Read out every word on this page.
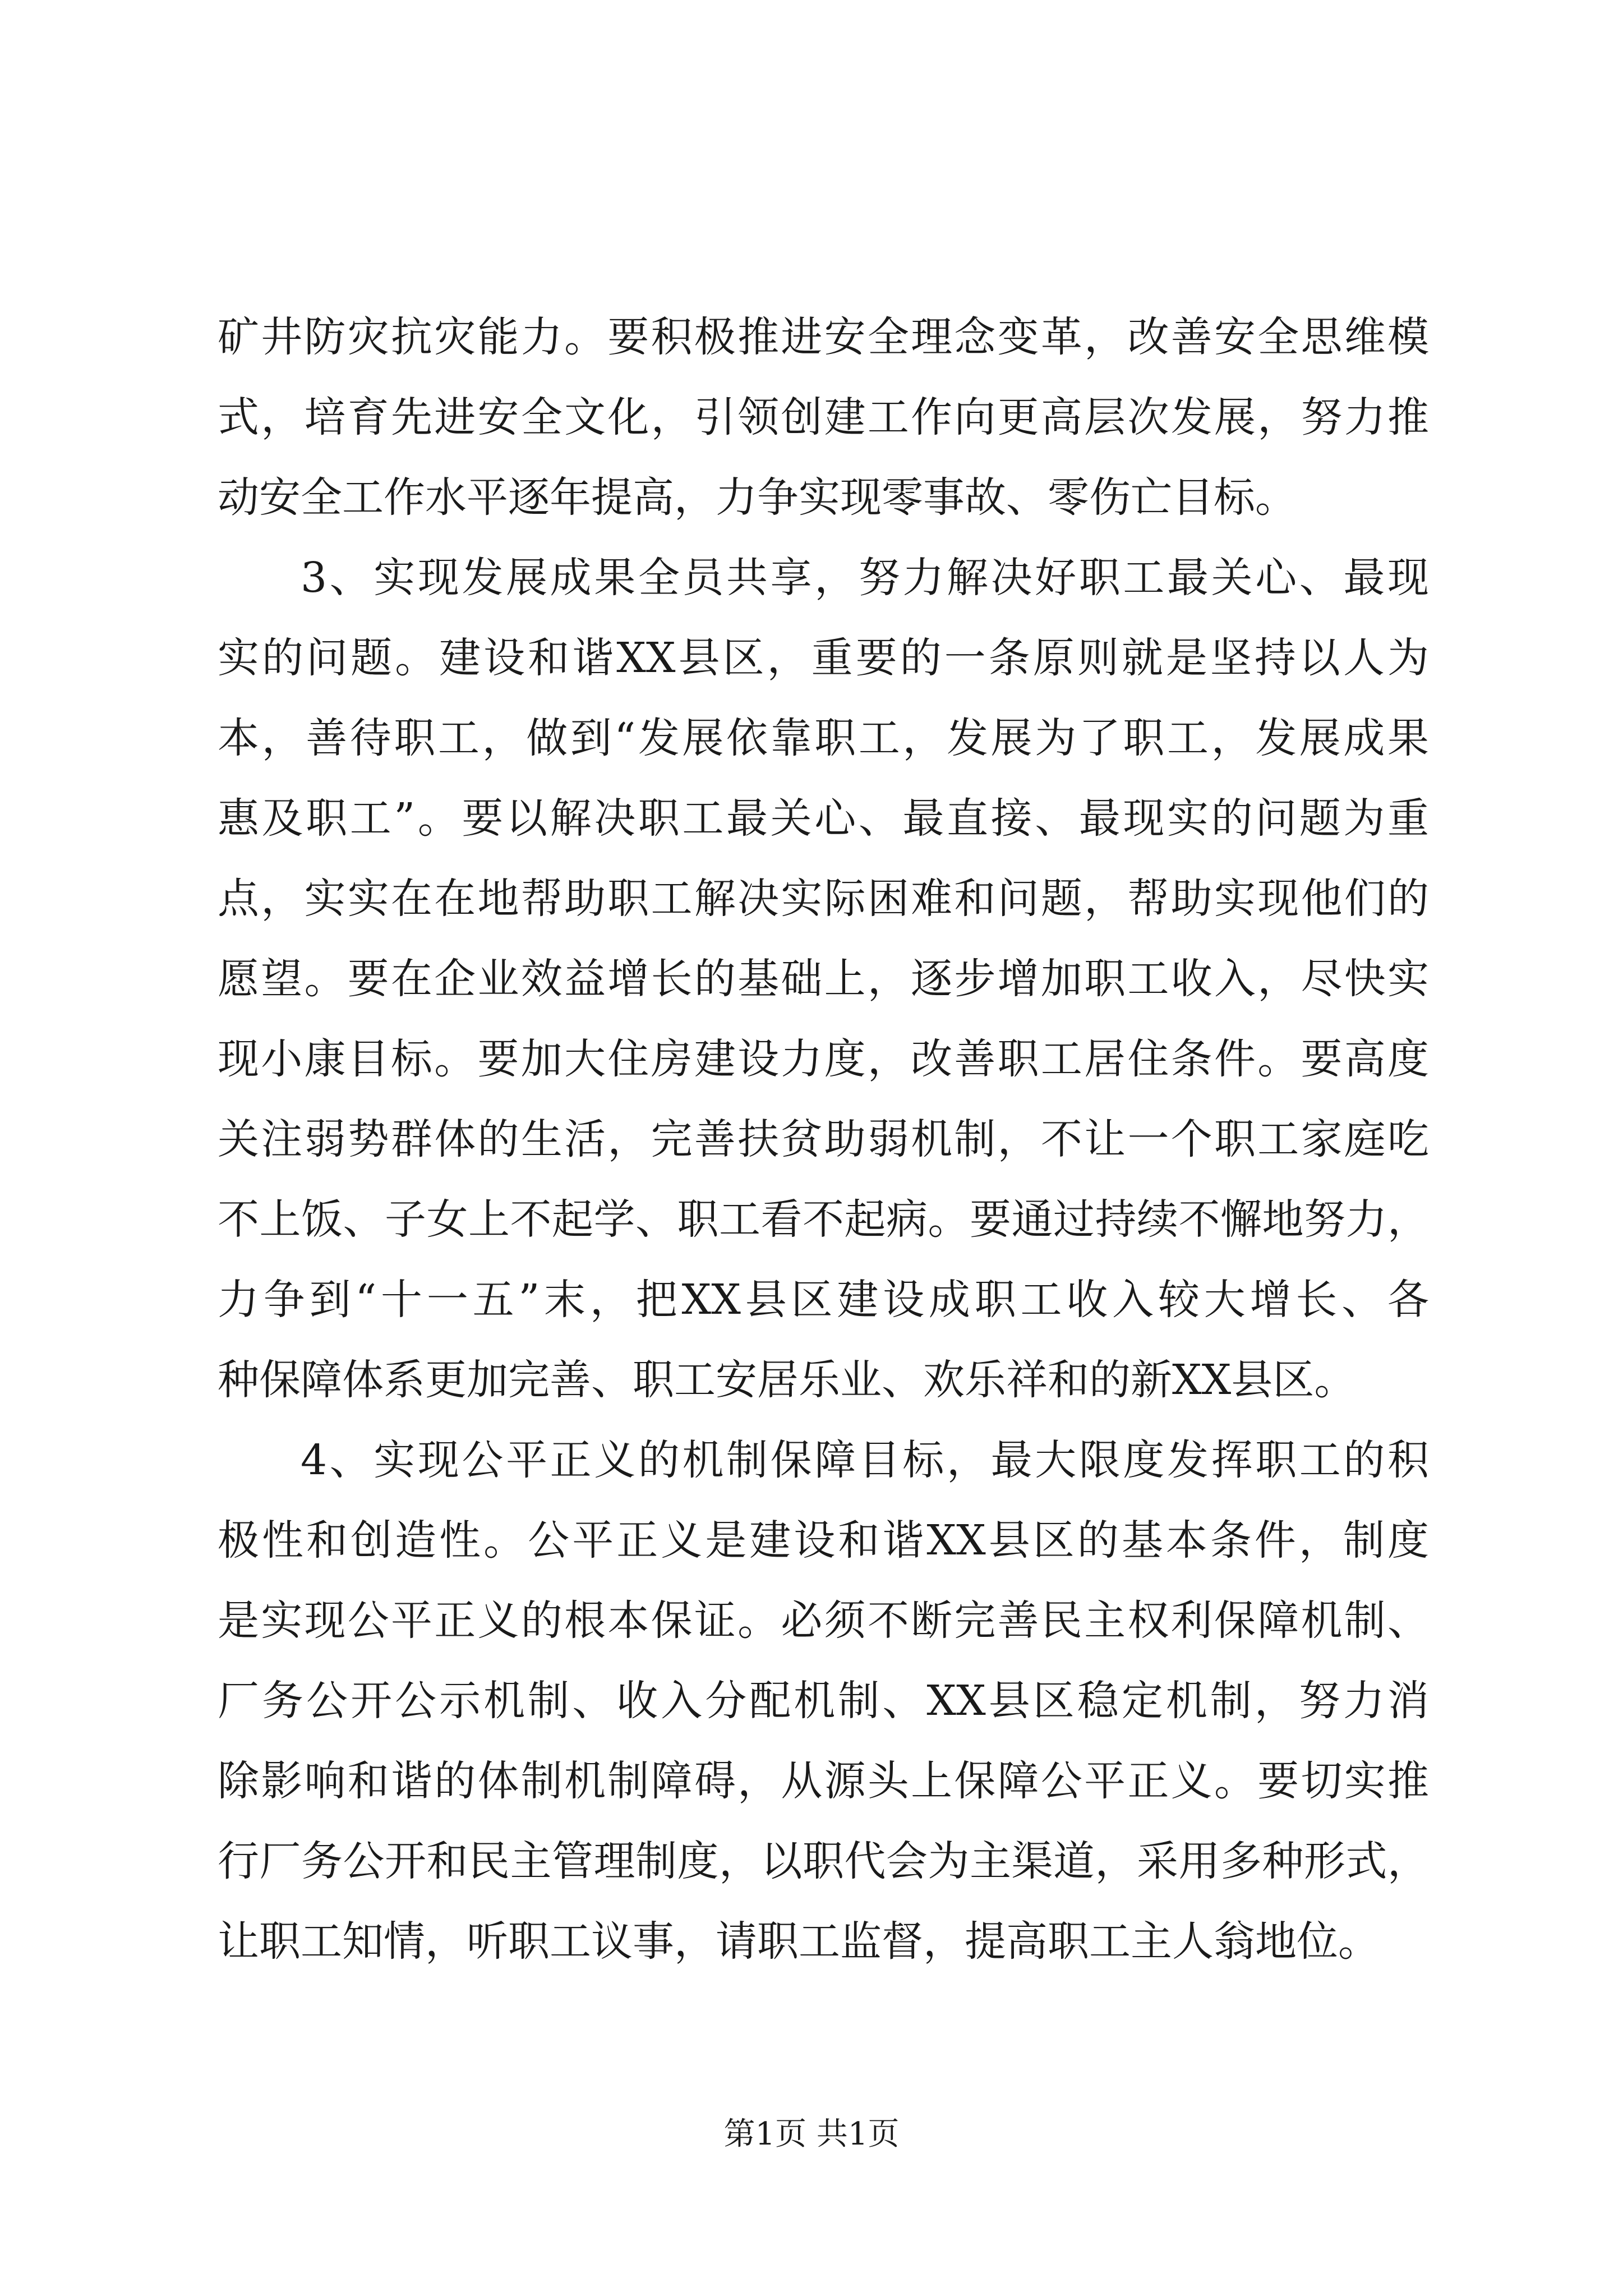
矿井防灾抗灾能力。要积极推进安全理念变革，改善安全思维模
式，培育先进安全文化，引领创建工作向更高层次发展，努力推
动安全工作水平逐年提高，力争实现零事故、零伤亡目标。
3、实现发展成果全员共享，努力解决好职工最关心、最现
实的问题。建设和谐XX县区，重要的一条原则就是坚持以人为
本，善待职工，做到“发展依靠职工，发展为了职工，发展成果
惠及职工”。要以解决职工最关心、最直接、最现实的问题为重
点，实实在在地帮助职工解决实际困难和问题，帮助实现他们的
愿望。要在企业效益增长的基础上，逐步增加职工收入，尽快实
现小康目标。要加大住房建设力度，改善职工居住条件。要高度
关注弱势群体的生活，完善扶贫助弱机制，不让一个职工家庭吃
不上饭、子女上不起学、职工看不起病。要通过持续不懈地努力，
力争到“十一五”末，把XX县区建设成职工收入较大增长、各
种保障体系更加完善、职工安居乐业、欢乐祥和的新XX县区。
4、实现公平正义的机制保障目标，最大限度发挥职工的积
极性和创造性。公平正义是建设和谐XX县区的基本条件，制度
是实现公平正义的根本保证。必须不断完善民主权利保障机制、
厂务公开公示机制、收入分配机制、XX县区稳定机制，努力消
除影响和谐的体制机制障碍，从源头上保障公平正义。要切实推
行厂务公开和民主管理制度，以职代会为主渠道，采用多种形式，
让职工知情，听职工议事，请职工监督，提高职工主人翁地位。
第1页 共1页
